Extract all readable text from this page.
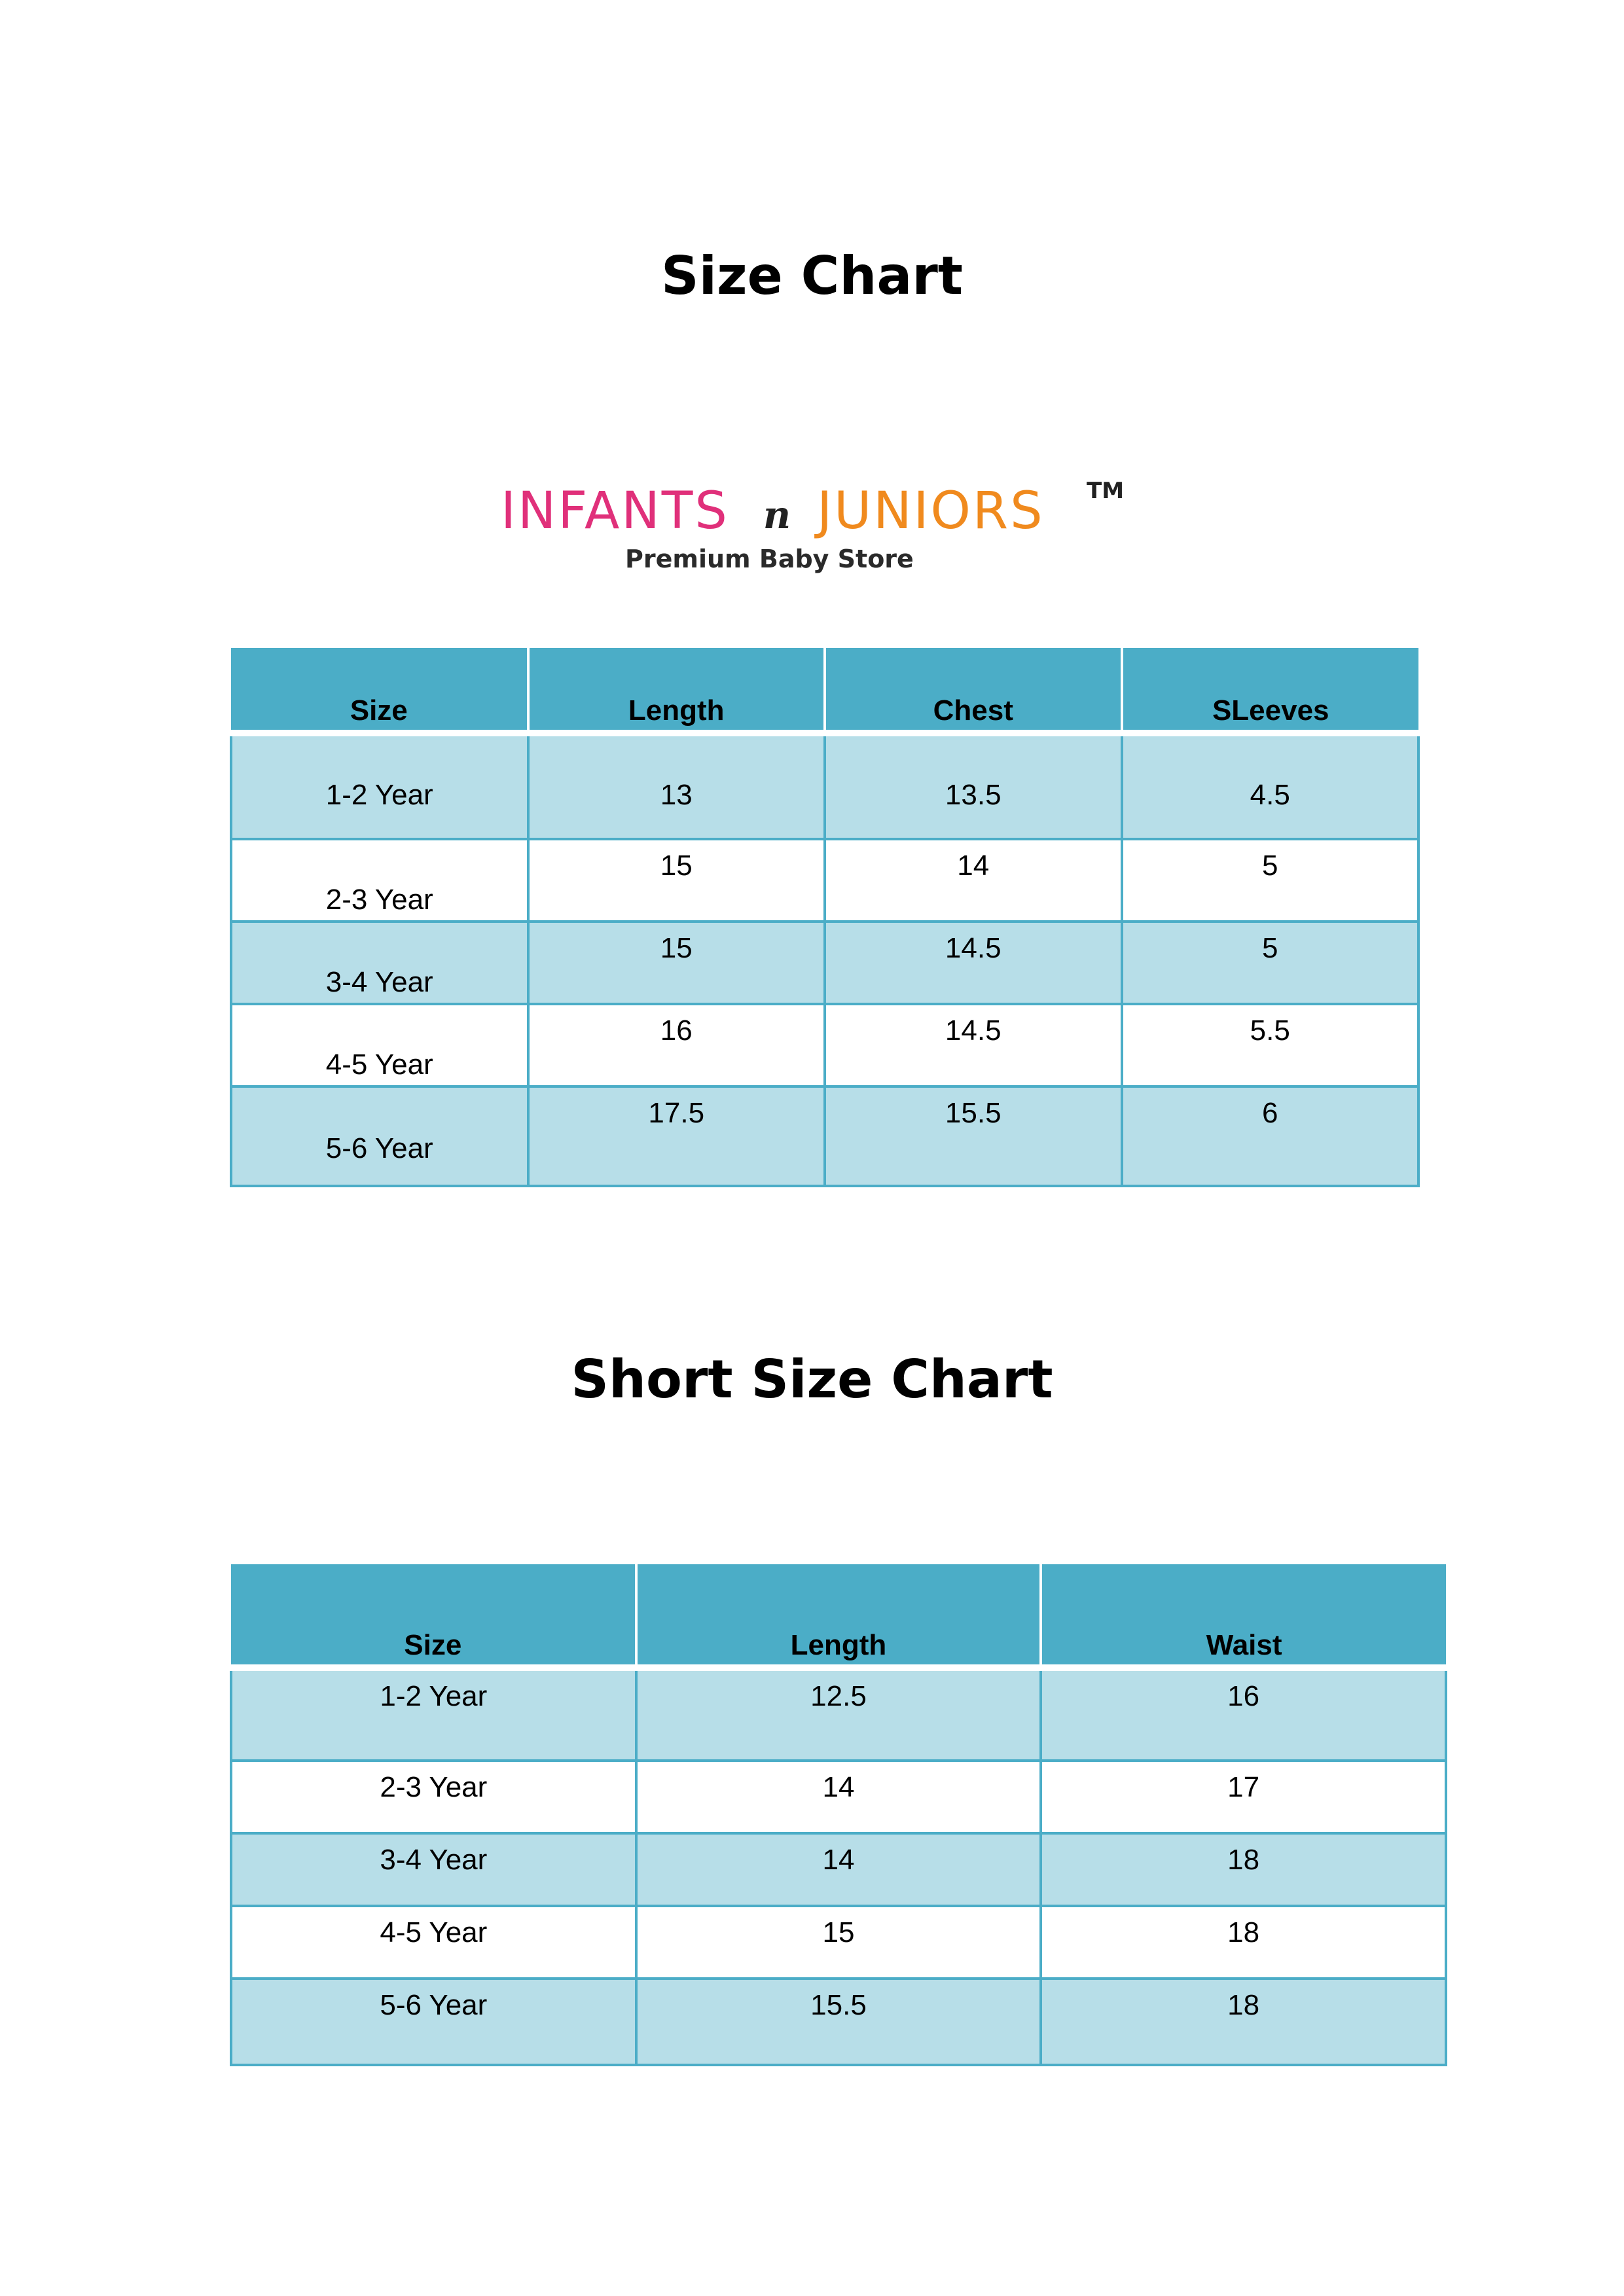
Size Chart
INFANTS n JUNIORS TM
Premium Baby Store
Size	Length	Chest	SLeeves
1-2 Year	13	13.5	4.5
2-3 Year	15	14	5
3-4 Year	15	14.5	5
4-5 Year	16	14.5	5.5
5-6 Year	17.5	15.5	6
Short Size Chart
Size	Length	Waist
1-2 Year	12.5	16
2-3 Year	14	17
3-4 Year	14	18
4-5 Year	15	18
5-6 Year	15.5	18
